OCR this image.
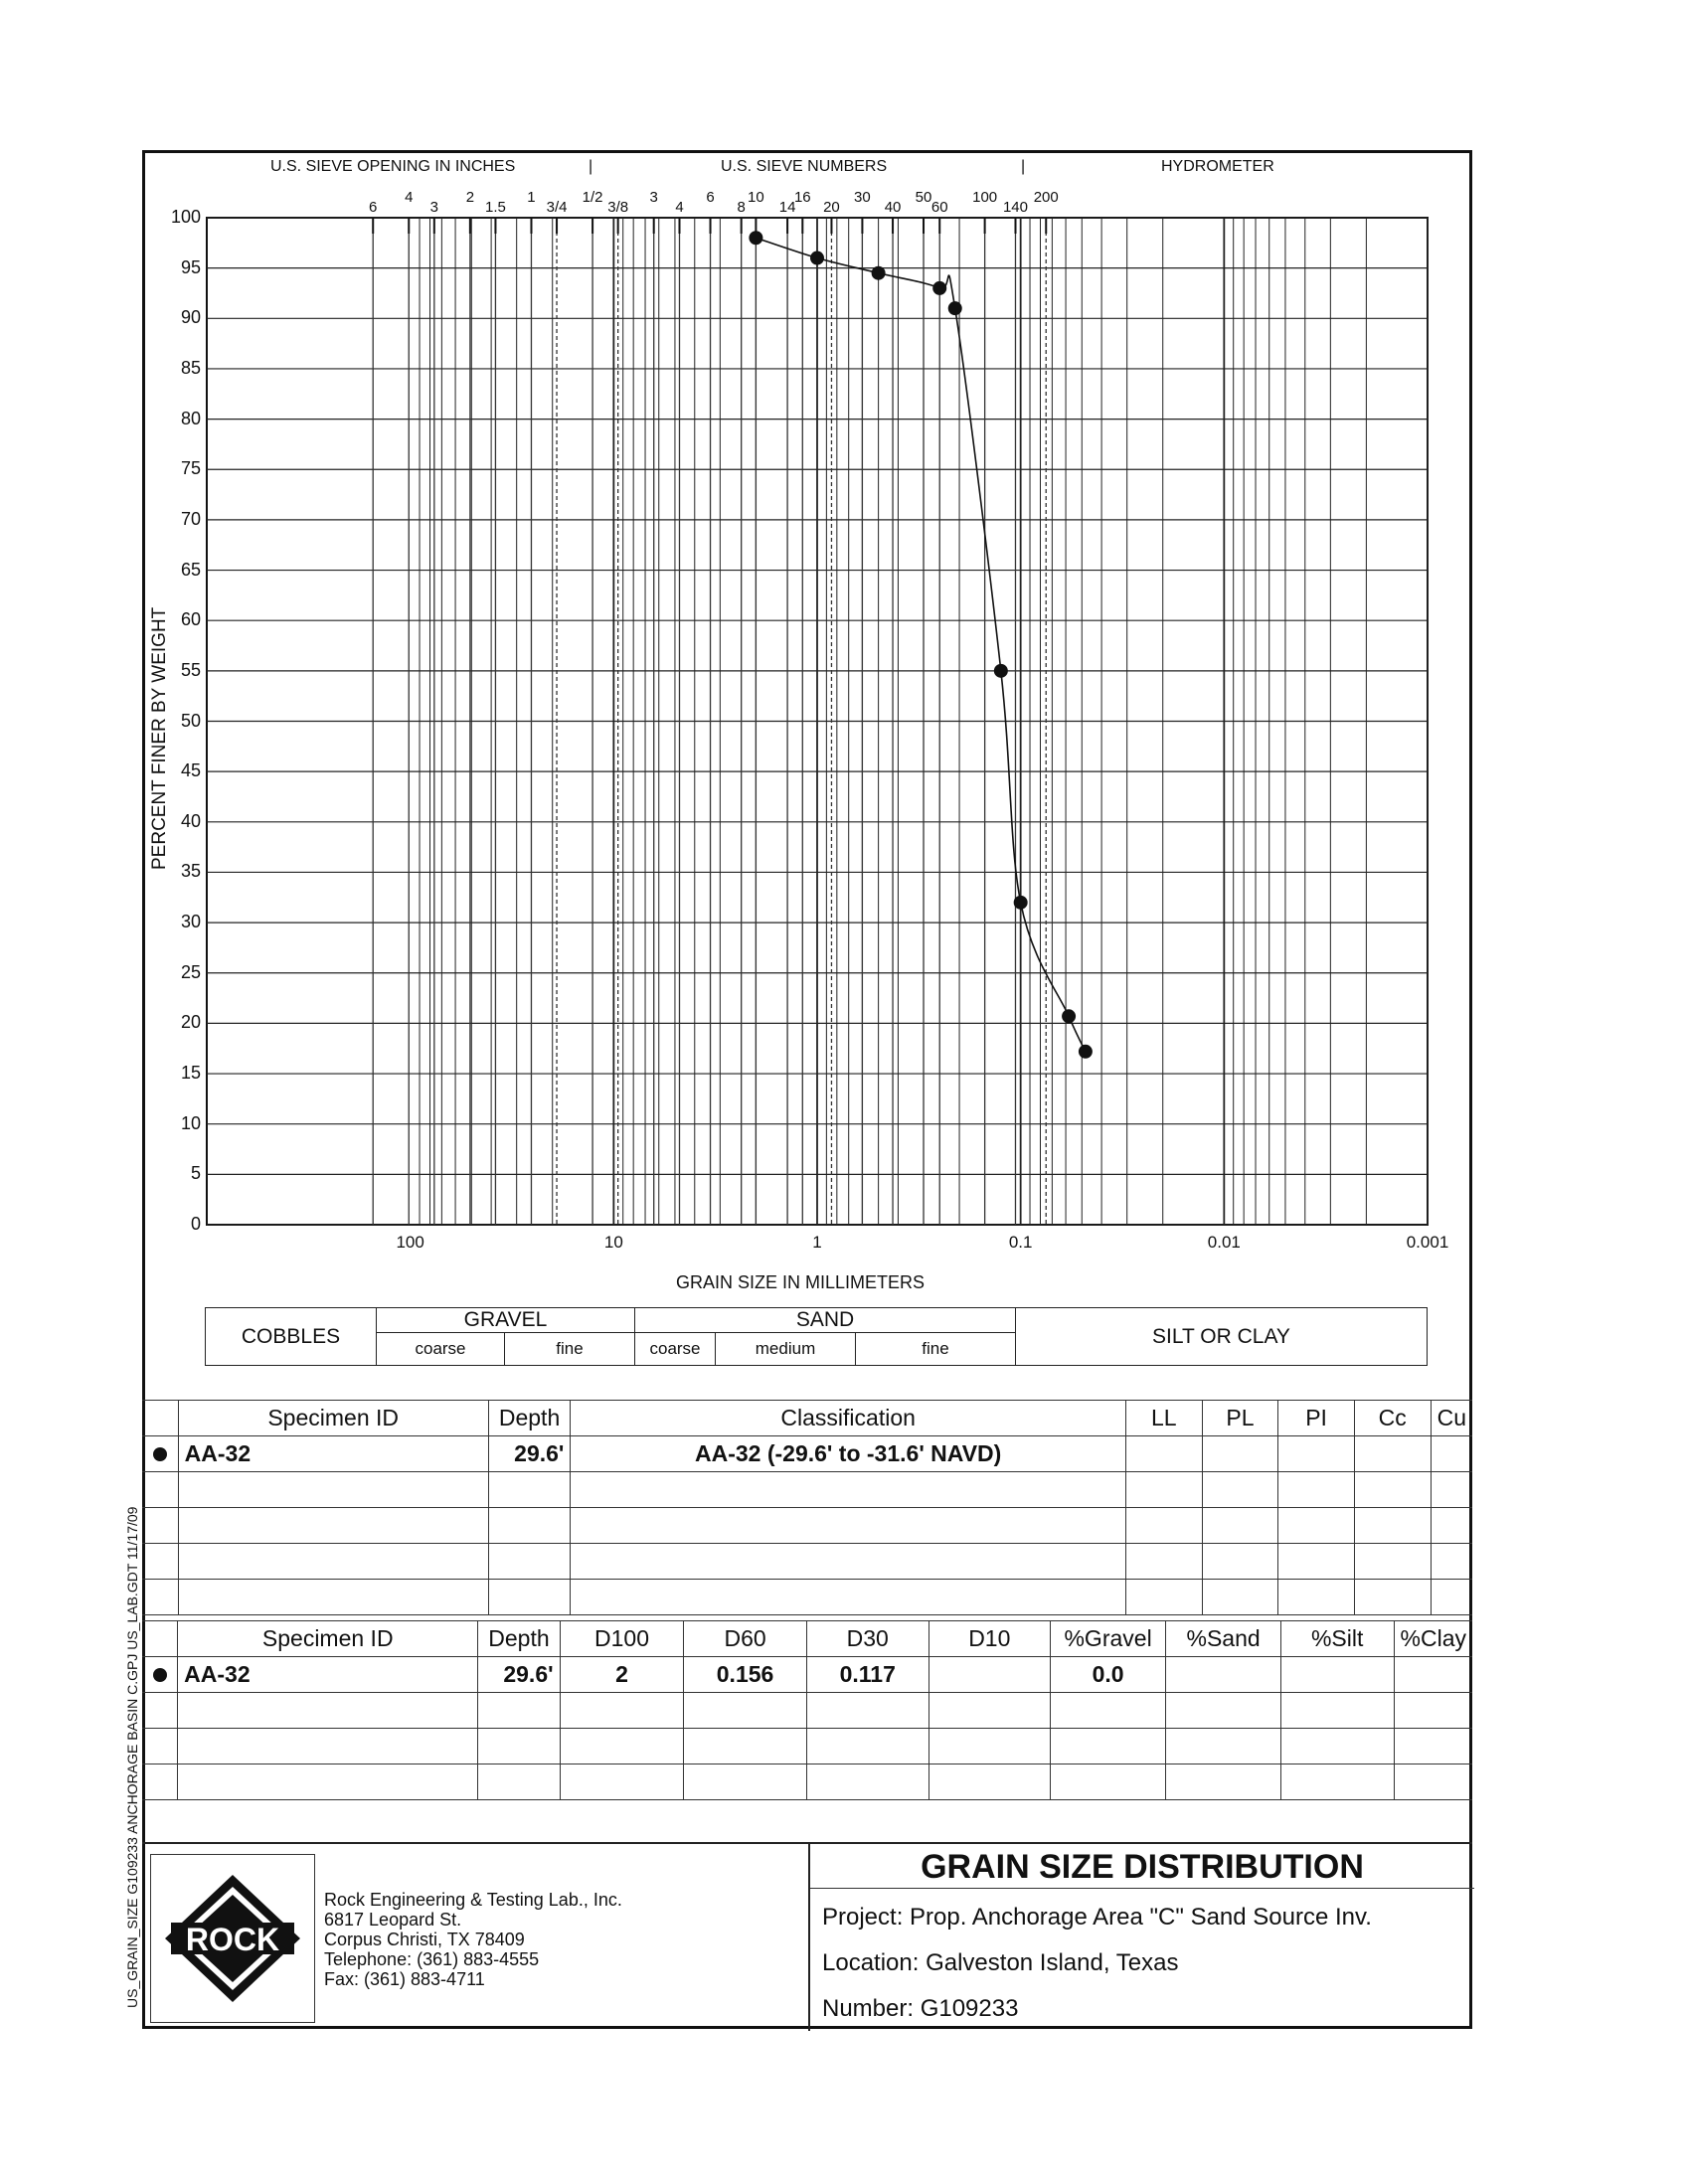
U.S. SIEVE OPENING IN INCHES	|	U.S. SIEVE NUMBERS	|	HYDROMETER
6
4
3
2
1.5
1
3/4
1/2
3/8
3
4
6
8
10
14
16
20
30
40
50
60
100
140
200
PERCENT FINER BY WEIGHT
GRAIN SIZE IN MILLIMETERS
0
5
10
15
20
25
30
35
40
45
50
55
60
65
70
75
80
85
90
95
100
100	10	1	0.1	0.01	0.001
COBBLES	GRAVEL		SAND			SILT OR CLAY
	coarse	fine	coarse	medium	fine	
	Specimen ID	Depth	Classification	LL	PL	PI	Cc	Cu
	AA-32	29.6'	AA-32 (-29.6' to -31.6' NAVD)					

	Specimen ID	Depth	D100	D60	D30	D10	%Gravel	%Sand	%Silt	%Clay
	AA-32	29.6'	2	0.156	0.117		0.0			

ROCK
Rock Engineering & Testing Lab., Inc.
6817 Leopard St.
Corpus Christi, TX 78409
Telephone: (361) 883-4555
Fax: (361) 883-4711
GRAIN SIZE DISTRIBUTION
Project: Prop. Anchorage Area "C" Sand Source Inv.
Location: Galveston Island, Texas
Number: G109233
US_GRAIN_SIZE G109233 ANCHORAGE BASIN C.GPJ US_LAB.GDT 11/17/09
